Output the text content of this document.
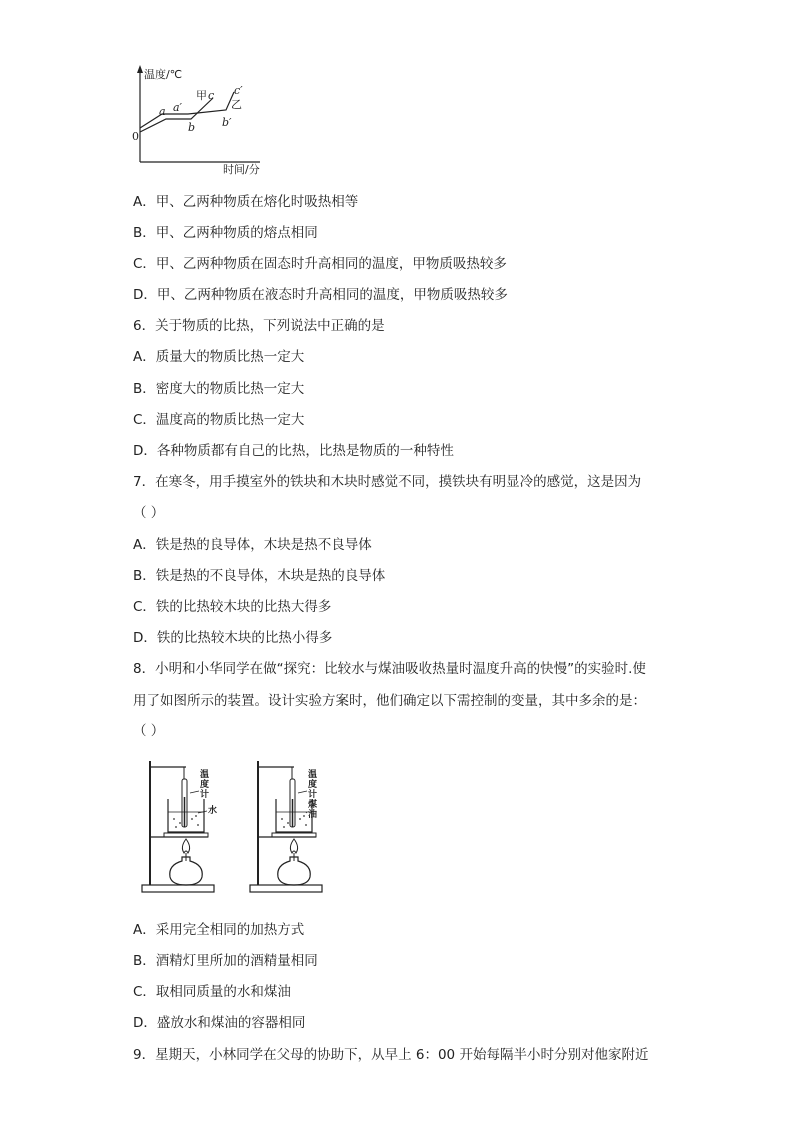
温度/℃
时间/分
0
a a′
b
甲 c c′
乙
b′
A．甲、乙两种物质在熔化时吸热相等
B．甲、乙两种物质的熔点相同
C．甲、乙两种物质在固态时升高相同的温度，甲物质吸热较多
D．甲、乙两种物质在液态时升高相同的温度，甲物质吸热较多
6．关于物质的比热，下列说法中正确的是
A．质量大的物质比热一定大
B．密度大的物质比热一定大
C．温度高的物质比热一定大
D．各种物质都有自己的比热，比热是物质的一种特性
7．在寒冬，用手摸室外的铁块和木块时感觉不同，摸铁块有明显冷的感觉，这是因为
（ ）
A．铁是热的良导体，木块是热不良导体
B．铁是热的不良导体，木块是热的良导体
C．铁的比热较木块的比热大得多
D．铁的比热较木块的比热小得多
8．小明和小华同学在做“探究：比较水与煤油吸收热量时温度升高的快慢”的实验时.使
用了如图所示的装置。设计实验方案时，他们确定以下需控制的变量，其中多余的是：
（ ）
温
度
计
水
温
度
计
煤
油
A．采用完全相同的加热方式
B．酒精灯里所加的酒精量相同
C．取相同质量的水和煤油
D．盛放水和煤油的容器相同
9．星期天，小林同学在父母的协助下，从早上 6：00 开始每隔半小时分别对他家附近
